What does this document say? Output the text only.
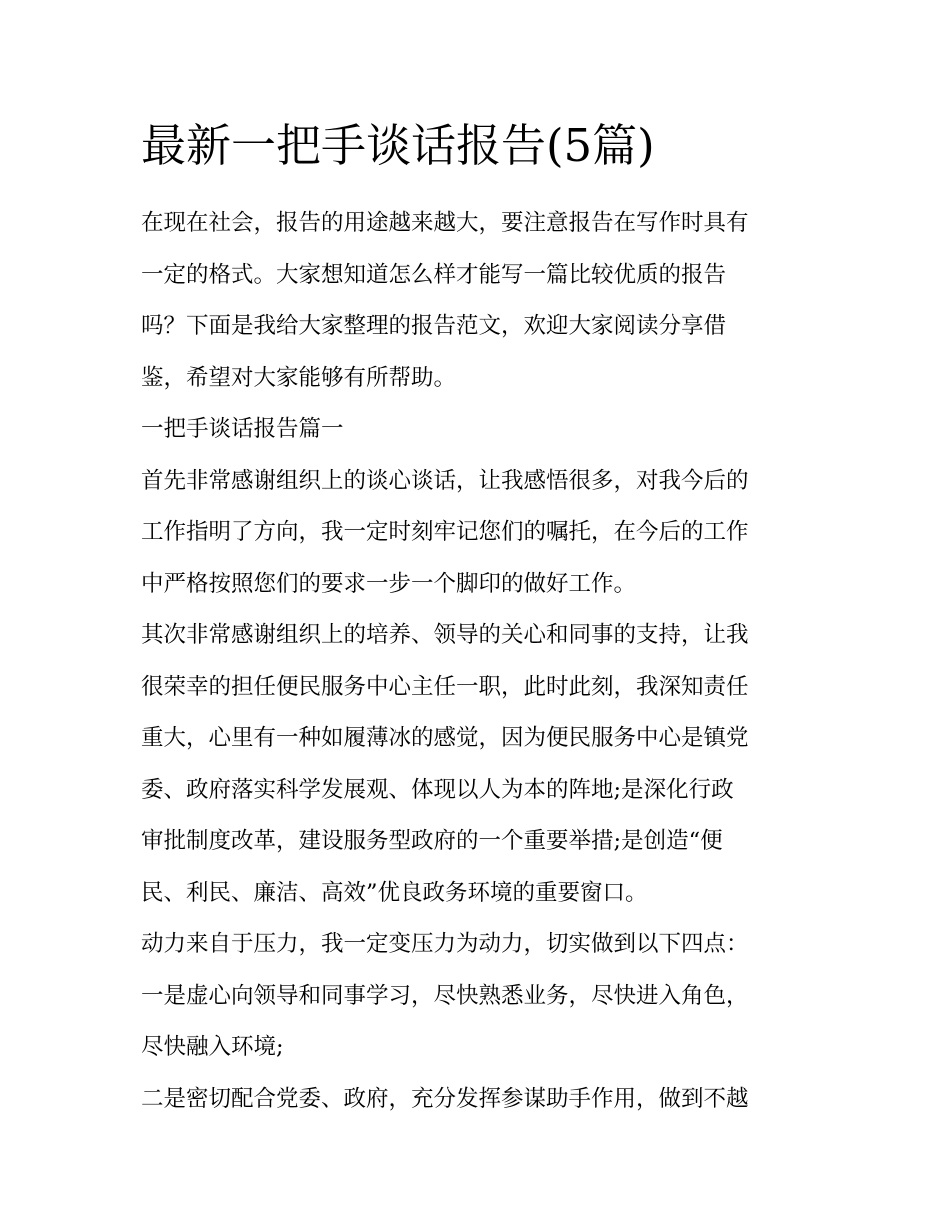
最新一把手谈话报告(5篇)
在现在社会，报告的用途越来越大，要注意报告在写作时具有
一定的格式。大家想知道怎么样才能写一篇比较优质的报告
吗？下面是我给大家整理的报告范文，欢迎大家阅读分享借
鉴，希望对大家能够有所帮助。
一把手谈话报告篇一
首先非常感谢组织上的谈心谈话，让我感悟很多，对我今后的
工作指明了方向，我一定时刻牢记您们的嘱托，在今后的工作
中严格按照您们的要求一步一个脚印的做好工作。
其次非常感谢组织上的培养、领导的关心和同事的支持，让我
很荣幸的担任便民服务中心主任一职，此时此刻，我深知责任
重大，心里有一种如履薄冰的感觉，因为便民服务中心是镇党
委、政府落实科学发展观、体现以人为本的阵地;是深化行政
审批制度改革，建设服务型政府的一个重要举措;是创造“便
民、利民、廉洁、高效”优良政务环境的重要窗口。
动力来自于压力，我一定变压力为动力，切实做到以下四点：
一是虚心向领导和同事学习，尽快熟悉业务，尽快进入角色，
尽快融入环境;
二是密切配合党委、政府，充分发挥参谋助手作用，做到不越
